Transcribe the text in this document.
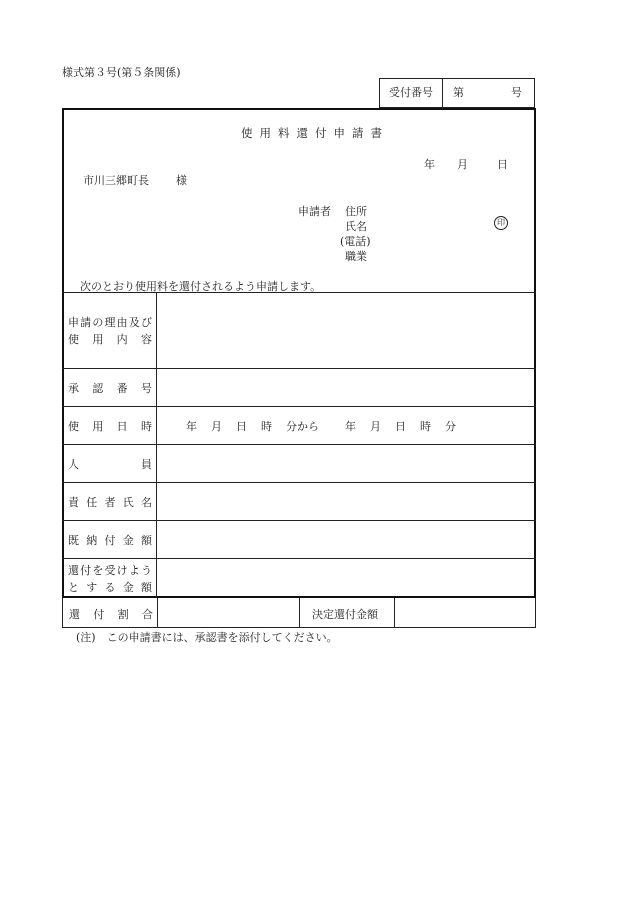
様式第３号(第５条関係)
受付番号	第	号
使用料還付申請書
年 月	日
市川三郷町長 様
申請者 住所
氏名
(電話)
職業
印
次のとおり使用料を還付されるよう申請します。
申請の理由及び
使用内容
承認番号
使用日時	年 月 日 時 分から 年 月 日 時 分
人員
責任者氏名
既納付金額
還付を受けよう
とする金額
還付割合	決定還付金額
(注)　この申請書には、承認書を添付してください。
